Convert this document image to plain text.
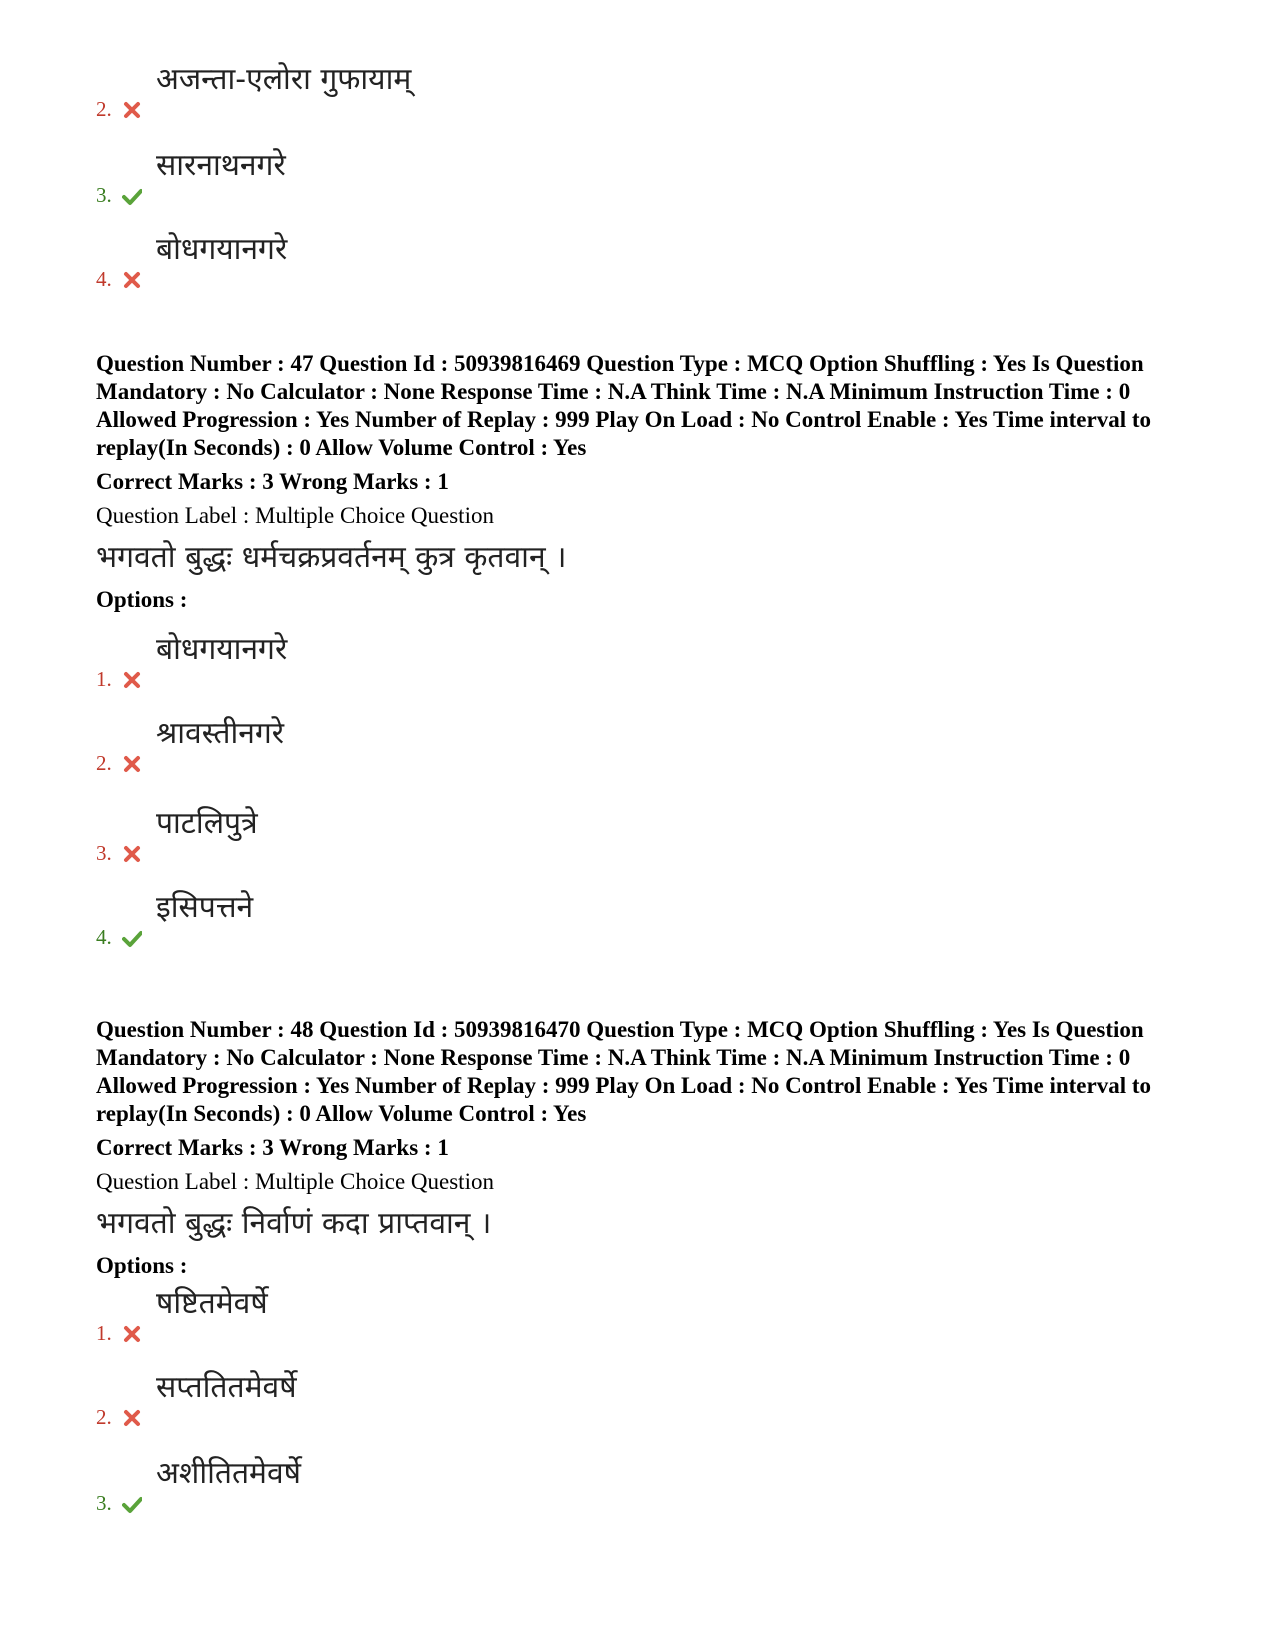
2.
अजन्ता-एलोरा गुफायाम्
3.
सारनाथनगरे
4.
बोधगयानगरे

Question Number : 47 Question Id : 50939816469 Question Type : MCQ Option Shuffling : Yes Is Question Mandatory : No Calculator : None Response Time : N.A Think Time : N.A Minimum Instruction Time : 0 Allowed Progression : Yes Number of Replay : 999 Play On Load : No Control Enable : Yes Time interval to replay(In Seconds) : 0 Allow Volume Control : Yes

Correct Marks : 3 Wrong Marks : 1
Question Label : Multiple Choice Question
भगवतो बुद्धः धर्मचक्रप्रवर्तनम् कुत्र कृतवान् ।
Options :
1.
बोधगयानगरे
2.
श्रावस्तीनगरे
3.
पाटलिपुत्रे
4.
इसिपत्तने

Question Number : 48 Question Id : 50939816470 Question Type : MCQ Option Shuffling : Yes Is Question Mandatory : No Calculator : None Response Time : N.A Think Time : N.A Minimum Instruction Time : 0 Allowed Progression : Yes Number of Replay : 999 Play On Load : No Control Enable : Yes Time interval to replay(In Seconds) : 0 Allow Volume Control : Yes

Correct Marks : 3 Wrong Marks : 1
Question Label : Multiple Choice Question
भगवतो बुद्धः निर्वाणं कदा प्राप्तवान् ।
Options :
1.
षष्टितमेवर्षे
2.
सप्ततितमेवर्षे
3.
अशीतितमेवर्षे
